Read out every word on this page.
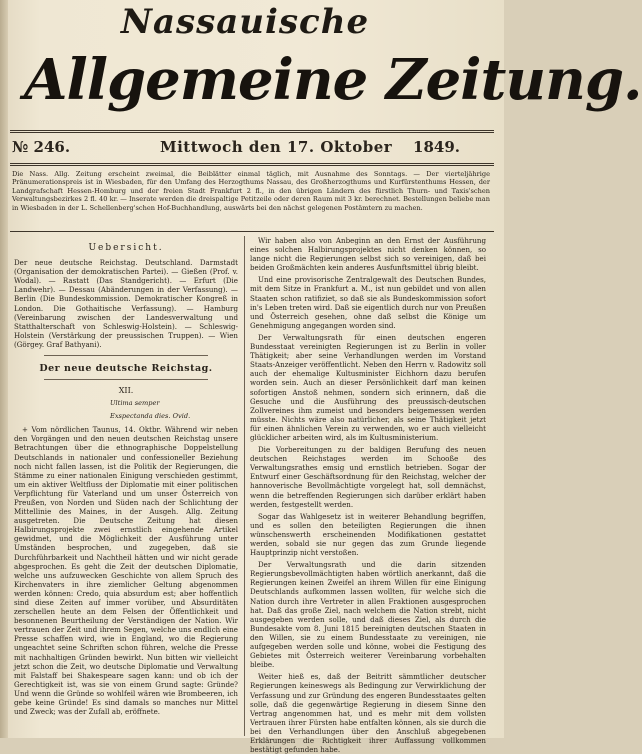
Nassauische
Allgemeine Zeitung.
№ 246.	Mittwoch den 17. Oktober 1849.
Die Nass. Allg. Zeitung erscheint zweimal, die Beiblätter einmal täglich, mit Ausnahme des Sonntags. — Der vierteljährige Pränumerationspreis ist in Wiesbaden, für den Umfang des Herzogthums Nassau, des Großherzogthums und Kurfürstenthums Hessen, der Landgrafschaft Hessen-Homburg und der freien Stadt Frankfurt 2 fl., in den übrigen Ländern des fürstlich Thurn- und Taxis'schen Verwaltungsbezirkes 2 fl. 40 kr. — Inserate werden die dreispaltige Petitzeile oder deren Raum mit 3 kr. berechnet. Bestellungen beliebe man in Wiesbaden in der L. Schellenberg'schen Hof-Buchhandlung, auswärts bei den nächst gelegenen Postämtern zu machen.
Uebersicht.

Der neue deutsche Reichstag. Deutschland. Darmstadt (Organisation der demokratischen Partei). — Gießen (Prof. v. Wodal). — Rastatt (Das Standgericht). — Erfurt (Die Landwehr). — Dessau (Abänderungen in der Verfassung). — Berlin (Die Bundeskommission. Demokratischer Kongreß in London. Die Gothaitische Verfassung). — Hamburg (Vereinbarung zwischen der Landesverwaltung und Statthalterschaft von Schleswig-Holstein). — Schleswig-Holstein (Verstärkung der preussischen Truppen). — Wien (Görgey. Graf Bathyani).

Der neue deutsche Reichstag.
XII.
Ultima semper
Exspectanda dies. Ovid.

+ Vom nördlichen Taunus, 14. Oktbr. Während wir neben den Vorgängen und den neuen deutschen Reichstag unsere Betrachtungen über die ethnographische Doppelstellung Deutschlands in nationaler und confessioneller Beziehung noch nicht fallen lassen, ist die Politik der Regierungen, die Stämme zu einer nationalen Einigung verschieden gestimmt, um ein aktiver Weltfluss der Diplomatie mit einer politischen Verpflichtung für Vaterland und um unser Österreich von Preußen, von Norden und Süden nach der Schlichtung der Mittellinie des Maines, in der Ausgeh. Allg. Zeitung ausgetreten. Die Deutsche Zeitung hat diesen Halbirungsprojekte zwei ernstlich eingehende Artikel gewidmet, und die Möglichkeit der Ausführung unter Umständen besprochen, und zugegeben, daß sie Durchführbarkeit und Nachtheil hätten und wir nicht gerade abgesprochen. Es geht die Zeit der deutschen Diplomatie, welche uns aufzuwecken Geschichte von allem Spruch des Kirchenvaters in ihre ziemlicher Geltung abgenommen werden können: Credo, quia absurdum est; aber hoffentlich sind diese Zeiten auf immer vorüber, und Absurditäten zerschellen heute an dem Felsen der Öffentlichkeit und besonnenen Beurtheilung der Verständigen der Nation. Wir vertrauen der Zeit und ihrem Segen, welche uns endlich eine Presse schaffen wird, wie in England, wo die Regierung ungeachtet seine Schriften schon führen, welche die Presse mit nachhaltigen Gründen bewirkt. Nun bitten wir vielleicht jetzt schon die Zeit, wo deutsche Diplomatie und Verwaltung mit Falstaff bei Shakespeare sagen kann: und ob ich der Gerechtigkeit ist, was sie von einem Grund sagte: Gründe? Und wenn die Gründe so wohlfeil wären wie Brombeeren, ich gebe keine Gründe! Es sind damals so manches nur Mittel und Zweck; was der Zufall ab, eröffnete.

Wir haben also von Anbeginn an den Ernst der Ausführung eines solchen Halbirungsprojektes nicht denken können, so lange nicht die Regierungen selbst sich so vereinigen, daß bei beiden Großmächten kein anderes Ausfunftsmittel übrig bleibt.

Und eine provisorische Zentralgewalt des Deutschen Bundes, mit dem Sitze in Frankfurt a. M., ist nun gebildet und von allen Staaten schon ratifiziet, so daß sie als Bundeskommission sofort in's Leben treten wird. Daß sie eigentlich durch nur von Preußen und Österreich gesehen, ohne daß selbst die Könige um Genehmigung angegangen worden sind.

Der Verwaltungsrath für einen deutschen engeren Bundesstaat vereinigten Regierungen ist zu Berlin in voller Thätigkeit; aber seine Verhandlungen werden im Vorstand Staats-Anzeiger veröffentlicht. Neben den Herrn v. Radowitz soll auch der ehemalige Kultusminister Eichhorn dazu berufen worden sein. Auch an dieser Persönlichkeit darf man keinen sofortigen Anstoß nehmen, sondern sich erinnern, daß die Gesuche und die Ausführung des preussisch-deutschen Zollvereines ihm zumeist und besonders beigemessen werden müsste. Nichts wäre also natürlicher, als seine Thätigkeit jetzt für einen ähnlichen Verein zu verwenden, wo er auch vielleicht glücklicher arbeiten wird, als im Kultusministerium.

Die Vorbereitungen zu der baldigen Berufung des neuen deutschen Reichstages werden im Schooße des Verwaltungsrathes emsig und ernstlich betrieben. Sogar der Entwurf einer Geschäftsordnung für den Reichstag, welcher der hannoverische Bevollmächtigte vorgelegt hat, soll demnächst, wenn die betreffenden Regierungen sich darüber erklärt haben werden, festgestellt werden.

Sogar das Wahlgesetz ist in weiterer Behandlung begriffen, und es sollen den beteiligten Regierungen die ihnen wünschenswerth erscheinenden Modifikationen gestattet werden, sobald sie nur gegen das zum Grunde liegende Hauptprinzip nicht verstoßen.

Der Verwaltungsrath und die darin sitzenden Regierungsbevollmächtigten haben wörtlich anerkannt, daß die Regierungen keinen Zweifel an ihrem Willen für eine Einigung Deutschlands aufkommen lassen wollten, für welche sich die Nation durch ihre Vertreter in allen Fraktionen ausgesprochen hat. Daß das große Ziel, nach welchem die Nation strebt, nicht ausgegeben werden solle, und daß dieses Ziel, als durch die Bundesakte vom 8. Juni 1815 bereinigten deutschen Staaten in den Willen, sie zu einem Bundesstaate zu vereinigen, nie aufgegeben werden solle und könne, wobei die Festigung des Gebietes mit Österreich weiterer Vereinbarung vorbehalten bleibe.

Weiter hieß es, daß der Beitritt sämmtlicher deutscher Regierungen keineswegs als Bedingung zur Verwirklichung der Verfassung und zur Gründung des engeren Bundesstaates gelten solle, daß die gegenwärtige Regierung in diesem Sinne den Vertrag angenommen hat, und es mehr mit dem vollsten Vertrauen ihrer Fürsten habe entfalten können, als sie durch die bei den Verhandlungen über den Anschluß abgegebenen Erklärungen die Richtigkeit ihrer Auffassung vollkommen bestätigt gefunden habe.
